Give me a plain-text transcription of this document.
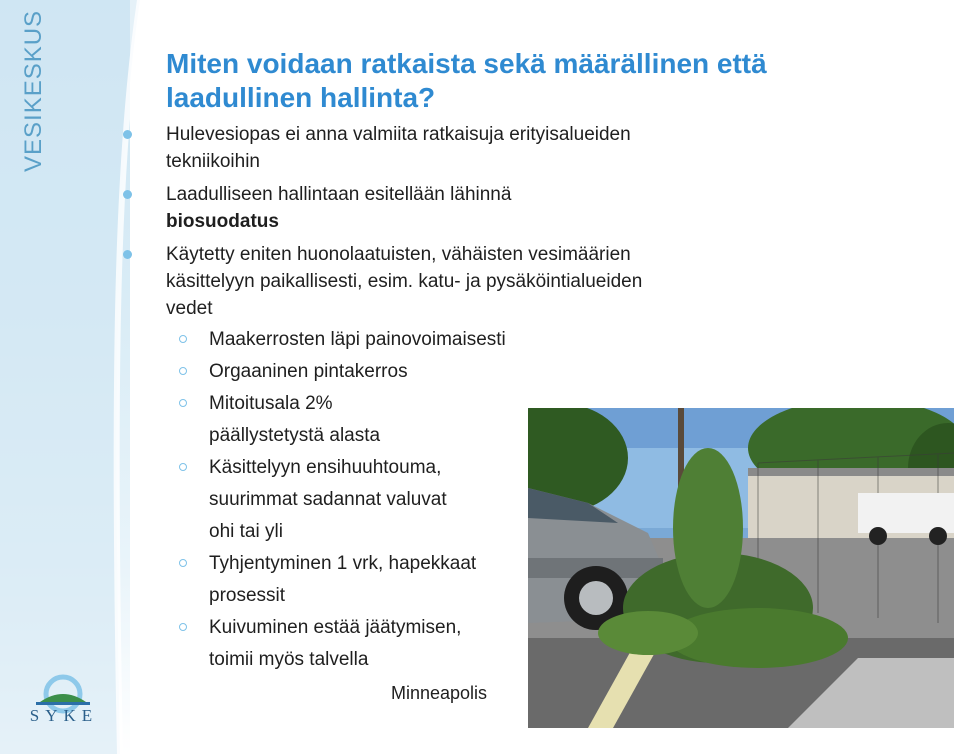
VESIKESKUS
SYKE
Miten voidaan ratkaista sekä määrällinen että laadullinen hallinta?
Hulevesiopas ei anna valmiita ratkaisuja erityisalueiden tekniikoihin
Laadulliseen hallintaan esitellään lähinnä
biosuodatus
Käytetty eniten huonolaatuisten, vähäisten vesimäärien käsittelyyn paikallisesti, esim. katu- ja pysäköintialueiden vedet
Maakerrosten läpi painovoimaisesti
Orgaaninen pintakerros
Mitoitusala 2%
päällystetystä alasta
Käsittelyyn ensihuuhtouma,
suurimmat sadannat valuvat
ohi tai yli
Tyhjentyminen 1 vrk, hapekkaat
prosessit
Kuivuminen estää jäätymisen,
toimii myös talvella
Minneapolis
